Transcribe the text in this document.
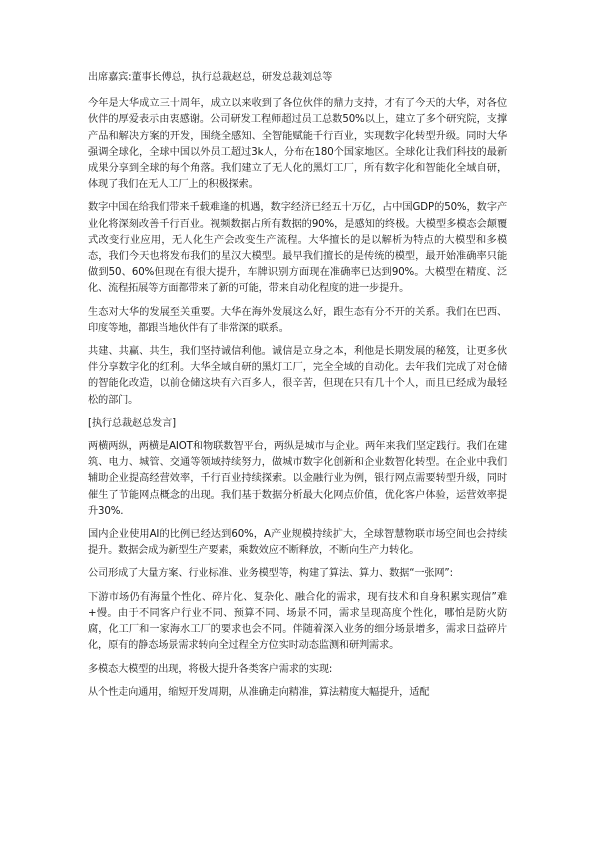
出席嘉宾:董事长傅总，执行总裁赵总，研发总裁刘总等

今年是大华成立三十周年，成立以来收到了各位伙伴的鼎力支持，才有了今天的大华，对各位伙伴的厚爱表示由衷感谢。公司研发工程师超过员工总数50%以上，建立了多个研究院，支撑产品和解决方案的开发，围绕全感知、全智能赋能千行百业，实现数字化转型升级。同时大华强调全球化，全球中国以外员工超过3k人，分布在180个国家地区。全球化让我们科技的最新成果分享到全球的每个角落。我们建立了无人化的黑灯工厂，所有数字化和智能化全域自研，体现了我们在无人工厂上的积极探索。

数字中国在给我们带来千载难逢的机遇，数字经济已经五十万亿，占中国GDP的50%，数字产业化将深刻改善千行百业。视频数据占所有数据的90%，是感知的终极。大模型多模态会颠覆式改变行业应用，无人化生产会改变生产流程。大华擅长的是以解析为特点的大模型和多模态，我们今天也将发布我们的星汉大模型。最早我们擅长的是传统的模型，最开始准确率只能做到50、60%但现在有很大提升，车牌识别方面现在准确率已达到90%。大模型在精度、泛化、流程拓展等方面都带来了新的可能，带来自动化程度的进一步提升。

生态对大华的发展至关重要。大华在海外发展这么好，跟生态有分不开的关系。我们在巴西、印度等地，都跟当地伙伴有了非常深的联系。

共建、共赢、共生，我们坚持诚信利他。诚信是立身之本，利他是长期发展的秘笈，让更多伙伴分享数字化的红利。大华全域自研的黑灯工厂，完全全域的自动化。去年我们完成了对仓储的智能化改造，以前仓储这块有六百多人，很辛苦，但现在只有几十个人，而且已经成为最轻松的部门。

[执行总裁赵总发言]

两横两纵，两横是AIOT和物联数智平台，两纵是城市与企业。两年来我们坚定践行。我们在建筑、电力、城管、交通等领域持续努力，做城市数字化创新和企业数智化转型。在企业中我们辅助企业提高经营效率，千行百业持续探索。以金融行业为例，银行网点需要转型升级，同时催生了节能网点概念的出现。我们基于数据分析最大化网点价值，优化客户体验，运营效率提升30%.

国内企业使用AI的比例已经达到60%，A产业规模持续扩大，全球智慧物联市场空间也会持续提升。数据会成为新型生产要素，乘数效应不断释放，不断向生产力转化。

公司形成了大量方案、行业标准、业务模型等，构建了算法、算力、数据“一张网”:

下游市场仍有海量个性化、碎片化、复杂化、融合化的需求，现有技术和自身积累实现信”难+慢。由于不同客户行业不同、预算不同、场景不同，需求呈现高度个性化，哪怕是防火防腐，化工厂和一家海水工厂的要求也会不同。伴随着深入业务的细分场景增多，需求日益碎片化，原有的静态场景需求转向全过程全方位实时动态监测和研判需求。

多模态大模型的出现，将极大提升各类客户需求的实现:

从个性走向通用，缩短开发周期，从准确走向精准，算法精度大幅提升，适配
